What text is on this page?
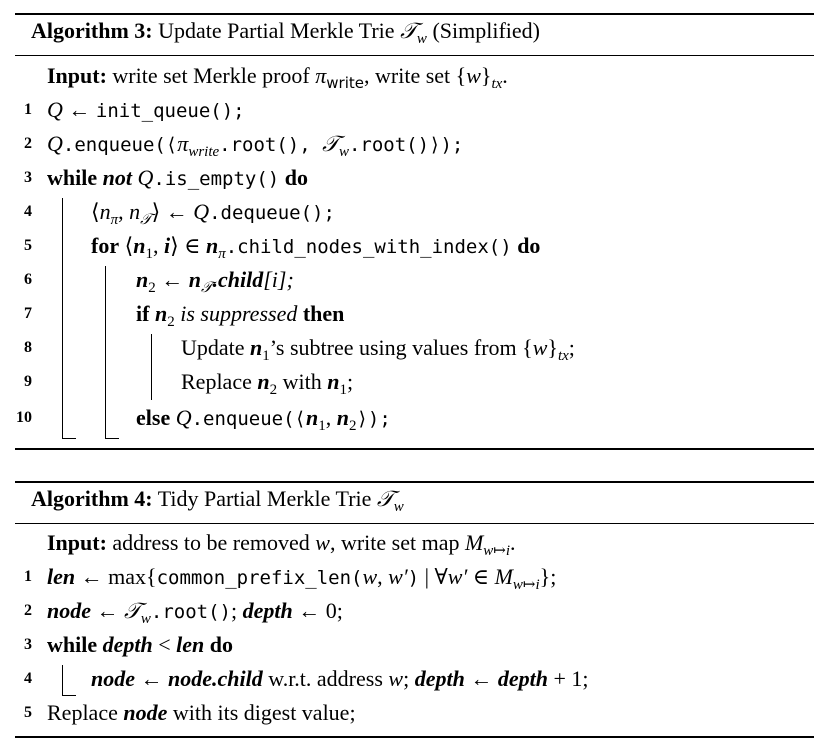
Algorithm 3: Update Partial Merkle Trie 𝒯$_w$ (Simplified)
Input: write set Merkle proof $\pi_{write}$, write set $\{w\}_{tx}$.
1 Q ← init_queue();
2 $Q.enqueue(⟨\pi_{write}.root()$, 𝒯$_w$.root()⟩);
3 while not Q.is_empty() do
4	$⟨n_\pi$, $n_𝒯⟩$ ← Q.dequeue();
5	for $⟨n_1$, i⟩ ∈ $n_\pi.child\_nodes\_with\_index()$ do
6	$n_2$ ← $n_𝒯.child[i]$;
7	if $n_2$ is suppressed then
8	Update $n_1’s$ subtree using values from $\{w\}_{tx}$;
9	Replace $n_2$ with $n_1$;
10	else $Q.enqueue(⟨n_1$, $n_2⟩$);
Algorithm 4: Tidy Partial Merkle Trie 𝒯$_w$
Input: address to be removed w, write set map $M_{w↦i}$.
1 len ← max{common_prefix_len(w, w′) | ∀w′ ∈ $M_{w↦i}$};
2 node ← 𝒯$_w$.root(); depth ← 0;
3 while depth < len do
4	node ← node.child w.r.t. address w; depth ← depth + 1;
5 Replace node with its digest value;
